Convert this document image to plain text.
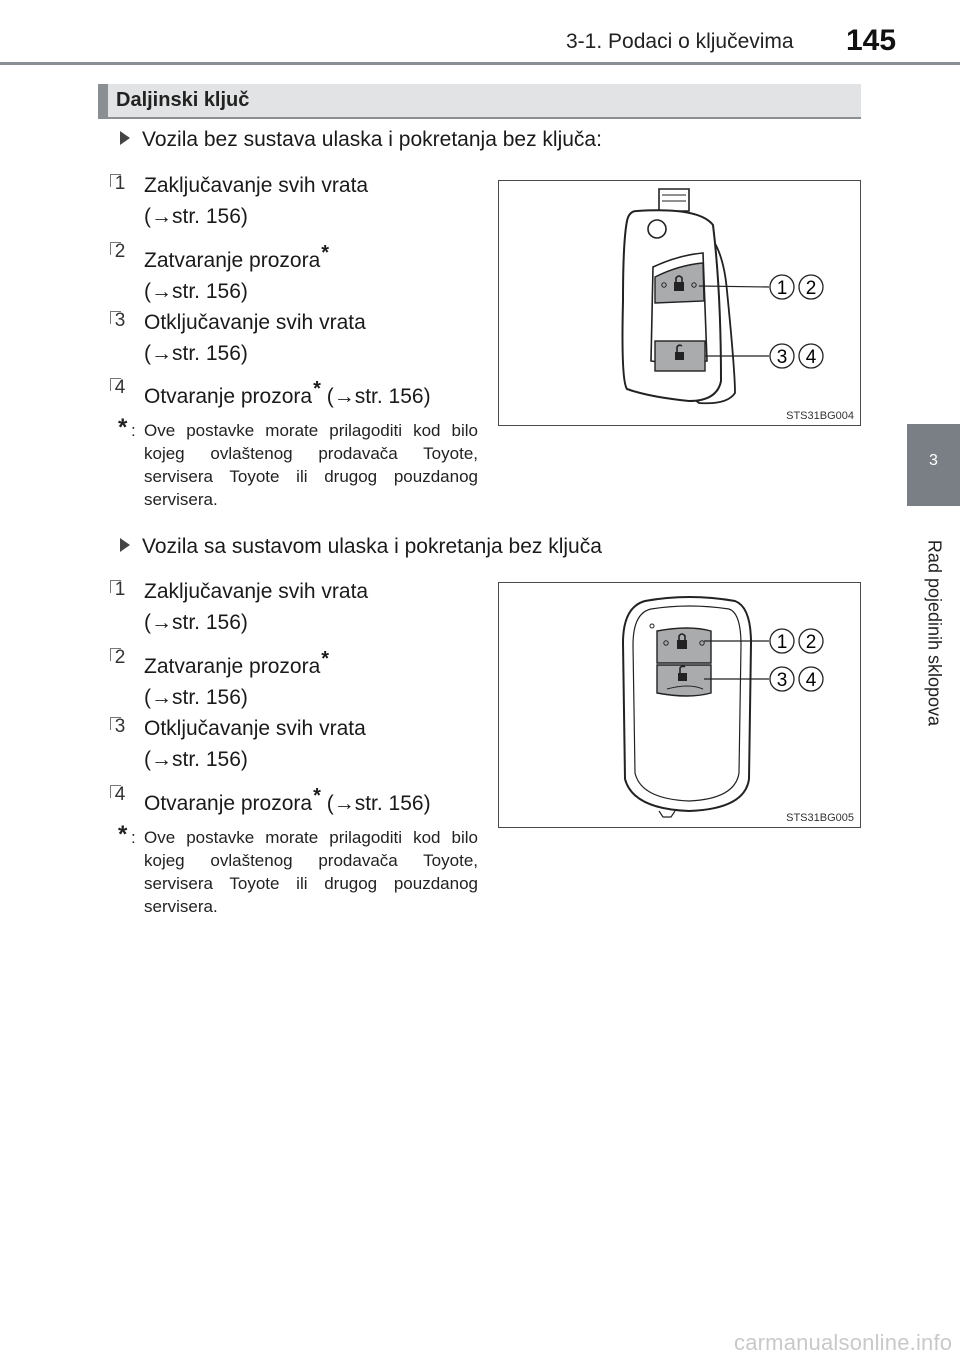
3-1. Podaci o ključevima 145
3
Rad pojedinih sklopova
Daljinski ključ
Vozila bez sustava ulaska i pokretanja bez ključa:
1 Zaključavanje svih vrata
(→str. 156)
2 Zatvaranje prozora*
(→str. 156)
3 Otključavanje svih vrata
(→str. 156)
4 Otvaranje prozora* (→str. 156)
* : Ove postavke morate prilagoditi kod bilo kojeg ovlaštenog prodavača Toyote, servisera Toyote ili drugog pouzdanog servisera.
1 2
3 4
STS31BG004
Vozila sa sustavom ulaska i pokretanja bez ključa
1 Zaključavanje svih vrata
(→str. 156)
2 Zatvaranje prozora*
(→str. 156)
3 Otključavanje svih vrata
(→str. 156)
4 Otvaranje prozora* (→str. 156)
* : Ove postavke morate prilagoditi kod bilo kojeg ovlaštenog prodavača Toyote, servisera Toyote ili drugog pouzdanog servisera.
1 2
3 4
STS31BG005
carmanualsonline.info
